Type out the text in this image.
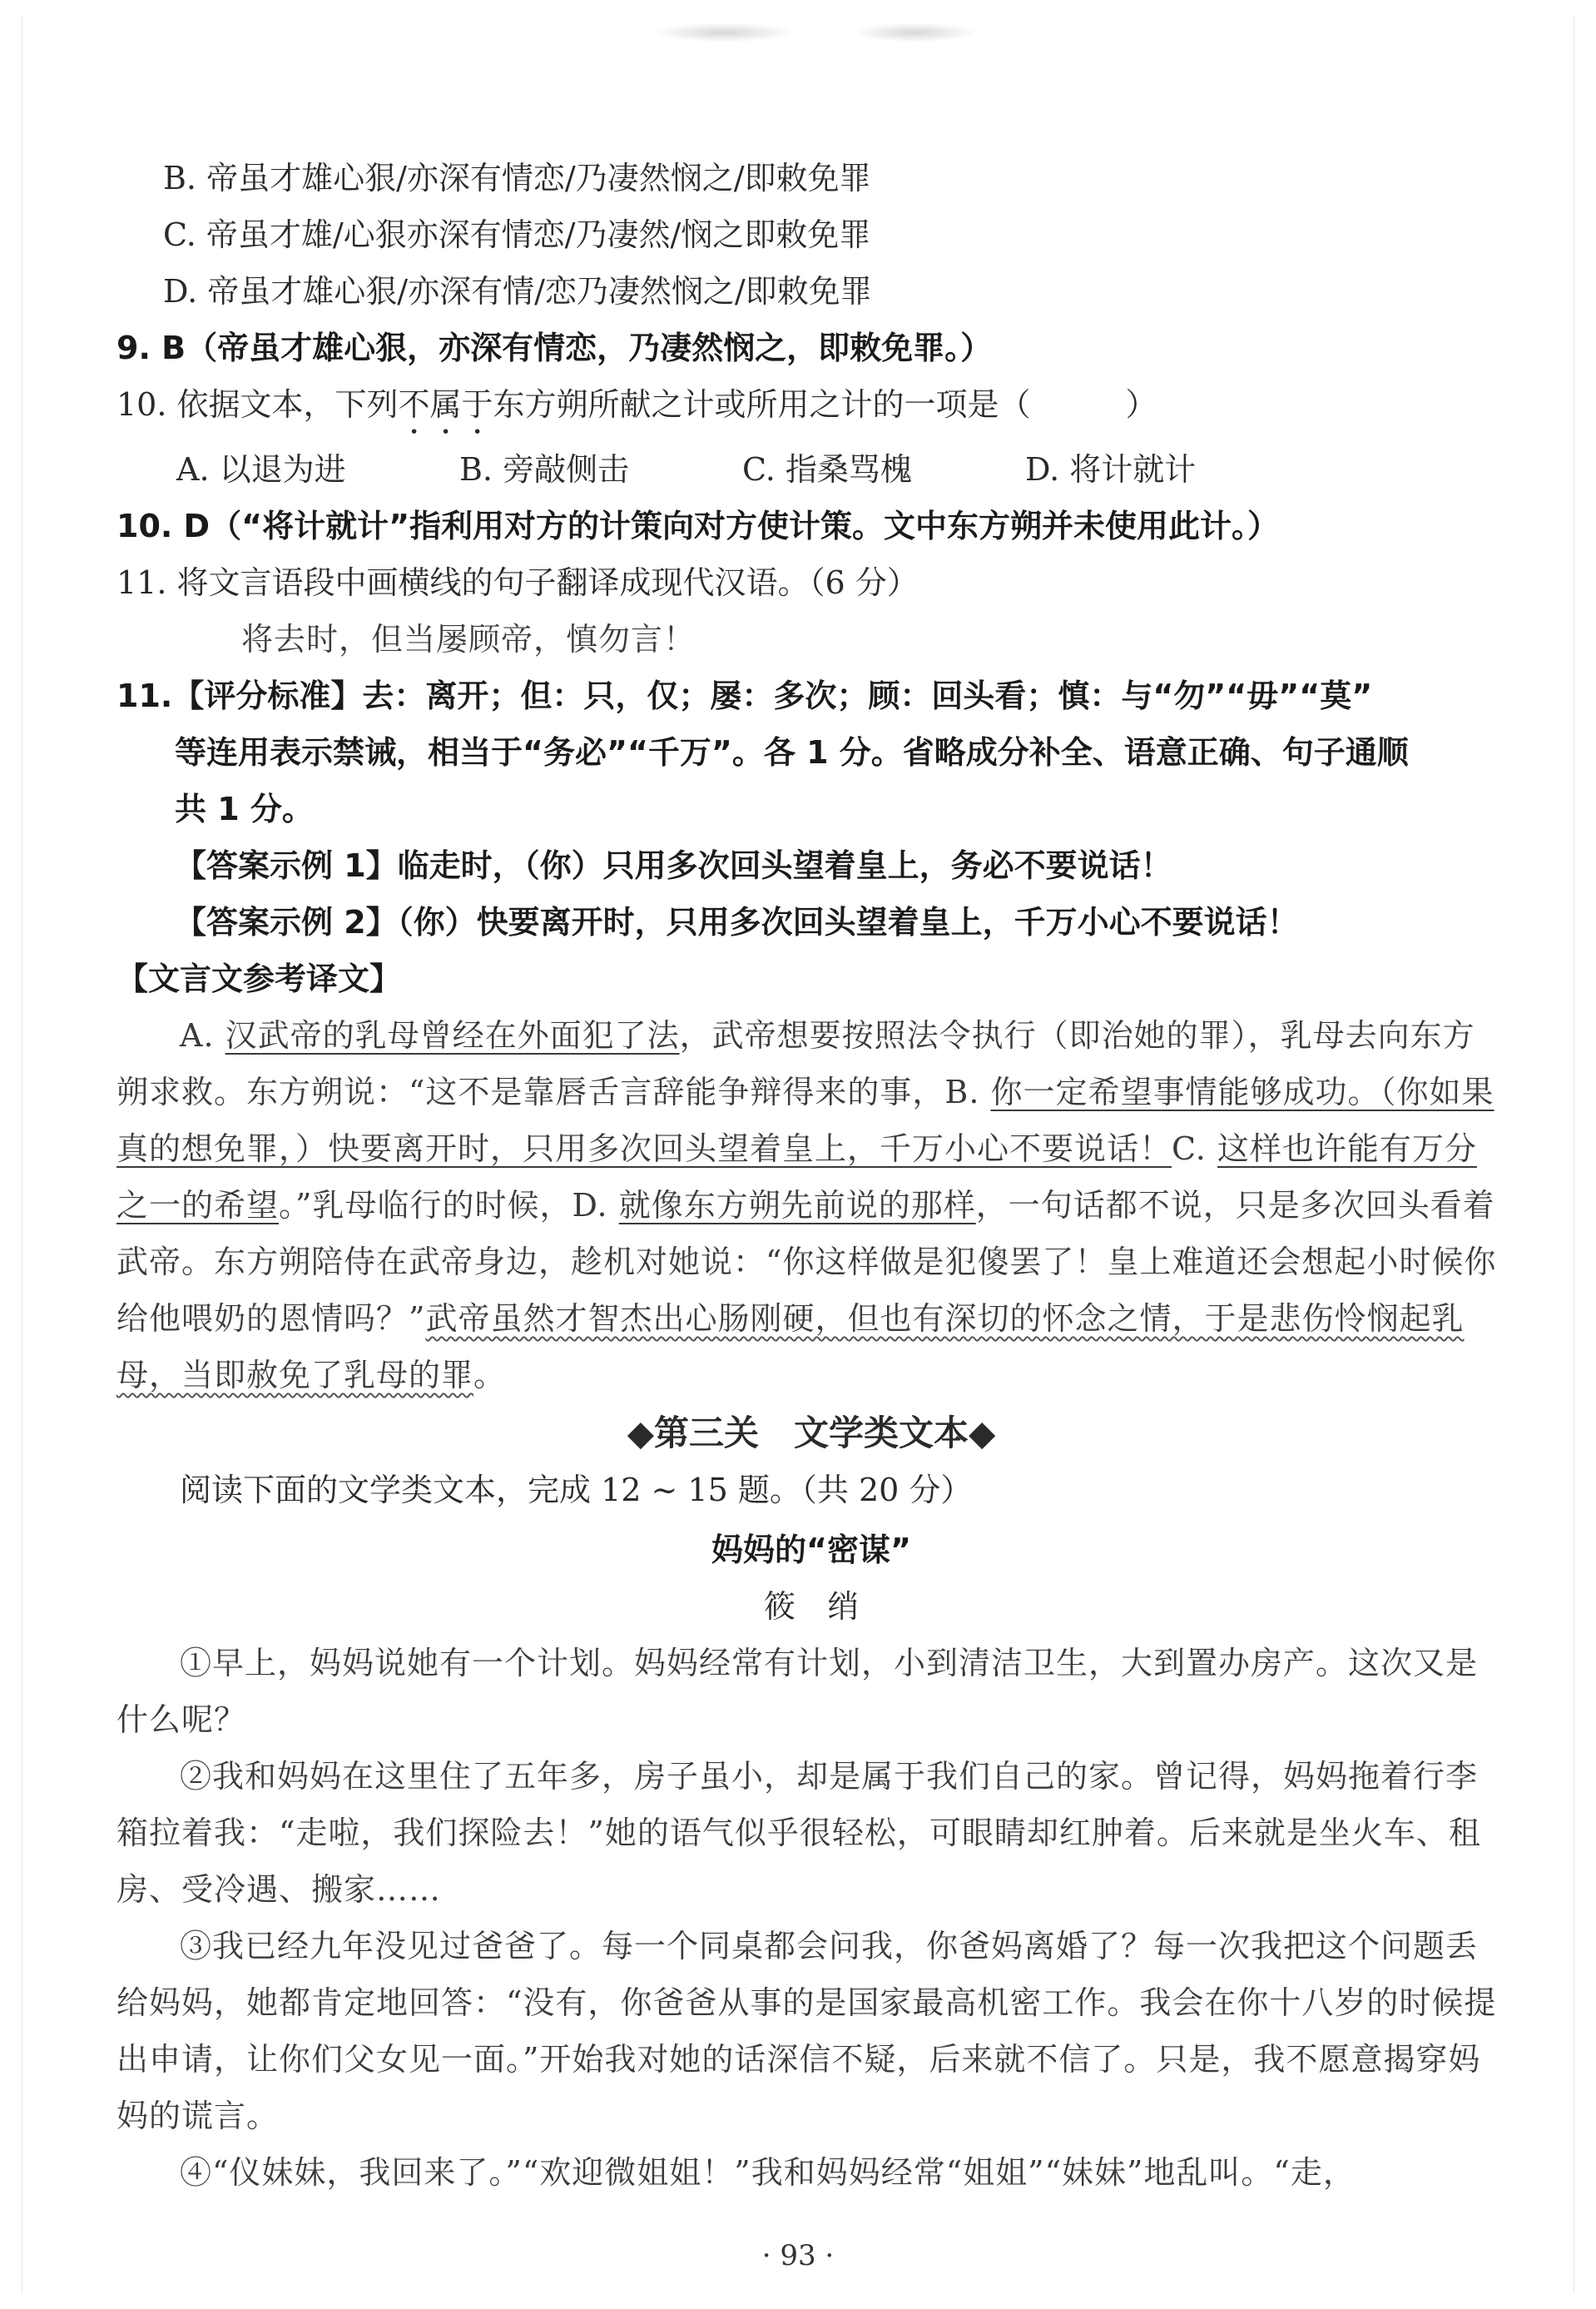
B. 帝虽才雄心狠/亦深有情恋/乃凄然悯之/即敕免罪
C. 帝虽才雄/心狠亦深有情恋/乃凄然/悯之即敕免罪
D. 帝虽才雄心狠/亦深有情/恋乃凄然悯之/即敕免罪
9. B（帝虽才雄心狠，亦深有情恋，乃凄然悯之，即敕免罪。）
10. 依据文本，下列不属于东方朔所献之计或所用之计的一项是（　　　）
A. 以退为进	B. 旁敲侧击	C. 指桑骂槐	D. 将计就计
10. D（“将计就计”指利用对方的计策向对方使计策。文中东方朔并未使用此计。）
11. 将文言语段中画横线的句子翻译成现代汉语。（6 分）
将去时，但当屡顾帝，慎勿言！
11.【评分标准】去：离开；但：只，仅；屡：多次；顾：回头看；慎：与“勿”“毋”“莫”
等连用表示禁诫，相当于“务必”“千万”。各 1 分。省略成分补全、语意正确、句子通顺
共 1 分。
【答案示例 1】临走时，（你）只用多次回头望着皇上，务必不要说话！
【答案示例 2】（你）快要离开时，只用多次回头望着皇上，千万小心不要说话！
【文言文参考译文】
A. 汉武帝的乳母曾经在外面犯了法，武帝想要按照法令执行（即治她的罪），乳母去向东方朔求救。东方朔说：“这不是靠唇舌言辞能争辩得来的事，B. 你一定希望事情能够成功。（你如果真的想免罪，）快要离开时，只用多次回头望着皇上，千万小心不要说话！C. 这样也许能有万分之一的希望。”乳母临行的时候，D. 就像东方朔先前说的那样，一句话都不说，只是多次回头看着武帝。东方朔陪侍在武帝身边，趁机对她说：“你这样做是犯傻罢了！皇上难道还会想起小时候你给他喂奶的恩情吗？”武帝虽然才智杰出心肠刚硬，但也有深切的怀念之情，于是悲伤怜悯起乳母，当即赦免了乳母的罪。
◆第三关　文学类文本◆
阅读下面的文学类文本，完成 12 ~ 15 题。（共 20 分）
妈妈的“密谋”
筱　绡
①早上，妈妈说她有一个计划。妈妈经常有计划，小到清洁卫生，大到置办房产。这次又是什么呢？
②我和妈妈在这里住了五年多，房子虽小，却是属于我们自己的家。曾记得，妈妈拖着行李箱拉着我：“走啦，我们探险去！”她的语气似乎很轻松，可眼睛却红肿着。后来就是坐火车、租房、受冷遇、搬家……
③我已经九年没见过爸爸了。每一个同桌都会问我，你爸妈离婚了？每一次我把这个问题丢给妈妈，她都肯定地回答：“没有，你爸爸从事的是国家最高机密工作。我会在你十八岁的时候提出申请，让你们父女见一面。”开始我对她的话深信不疑，后来就不信了。只是，我不愿意揭穿妈妈的谎言。
④“仪妹妹，我回来了。”“欢迎微姐姐！”我和妈妈经常“姐姐”“妹妹”地乱叫。“走，
· 93 ·
